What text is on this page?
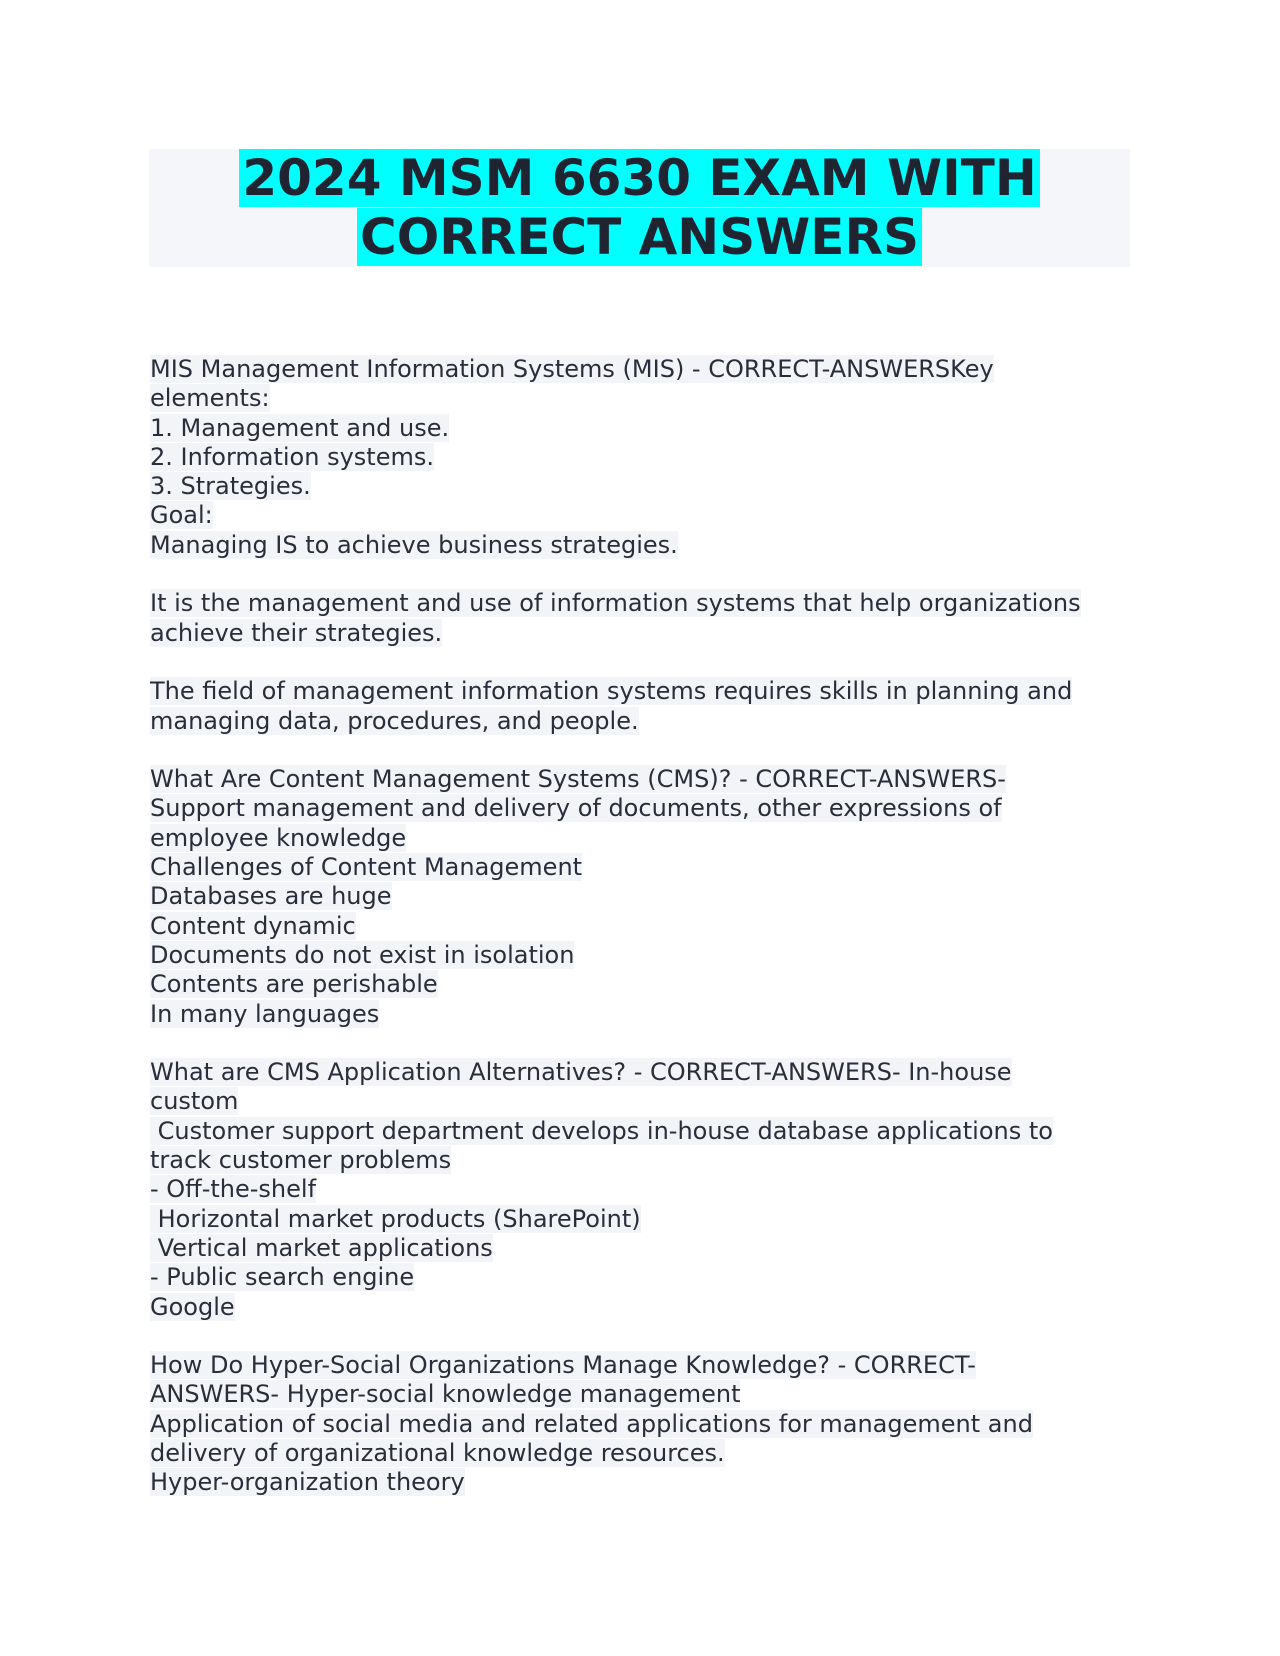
2024 MSM 6630 EXAM WITH
CORRECT ANSWERS
MIS Management Information Systems (MIS) - CORRECT-ANSWERSKey
elements:
1. Management and use.
2. Information systems.
3. Strategies.
Goal:
Managing IS to achieve business strategies.
It is the management and use of information systems that help organizations
achieve their strategies.
The field of management information systems requires skills in planning and
managing data, procedures, and people.
What Are Content Management Systems (CMS)? - CORRECT-ANSWERS-
Support management and delivery of documents, other expressions of
employee knowledge
Challenges of Content Management
Databases are huge
Content dynamic
Documents do not exist in isolation
Contents are perishable
In many languages
What are CMS Application Alternatives? - CORRECT-ANSWERS- In-house
custom
Customer support department develops in-house database applications to
track customer problems
- Off-the-shelf
Horizontal market products (SharePoint)
Vertical market applications
- Public search engine
Google
How Do Hyper-Social Organizations Manage Knowledge? - CORRECT-
ANSWERS- Hyper-social knowledge management
Application of social media and related applications for management and
delivery of organizational knowledge resources.
Hyper-organization theory
